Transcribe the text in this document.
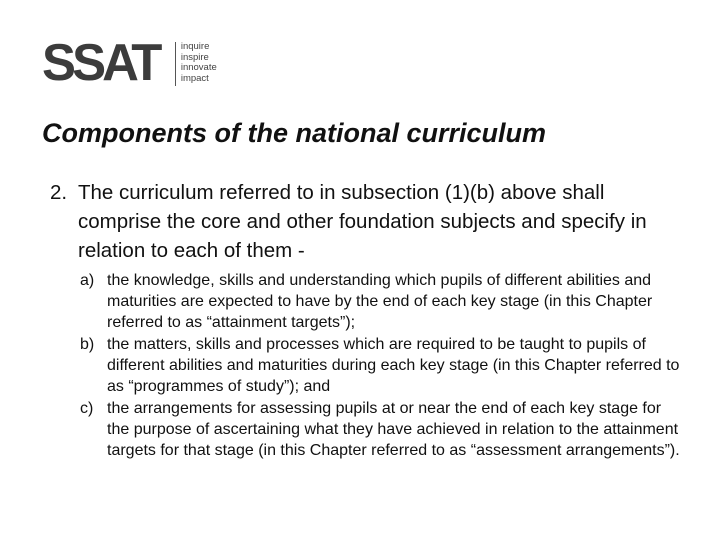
SSAT inquire
inspire
innovate
impact
Components of the national curriculum
2. The curriculum referred to in subsection (1)(b) above shall comprise the core and other foundation subjects and specify in relation to each of them -
a) the knowledge, skills and understanding which pupils of different abilities and maturities are expected to have by the end of each key stage (in this Chapter referred to as “attainment targets”);
b) the matters, skills and processes which are required to be taught to pupils of different abilities and maturities during each key stage (in this Chapter referred to as “programmes of study”); and
c) the arrangements for assessing pupils at or near the end of each key stage for the purpose of ascertaining what they have achieved in relation to the attainment targets for that stage (in this Chapter referred to as “assessment arrangements”).
